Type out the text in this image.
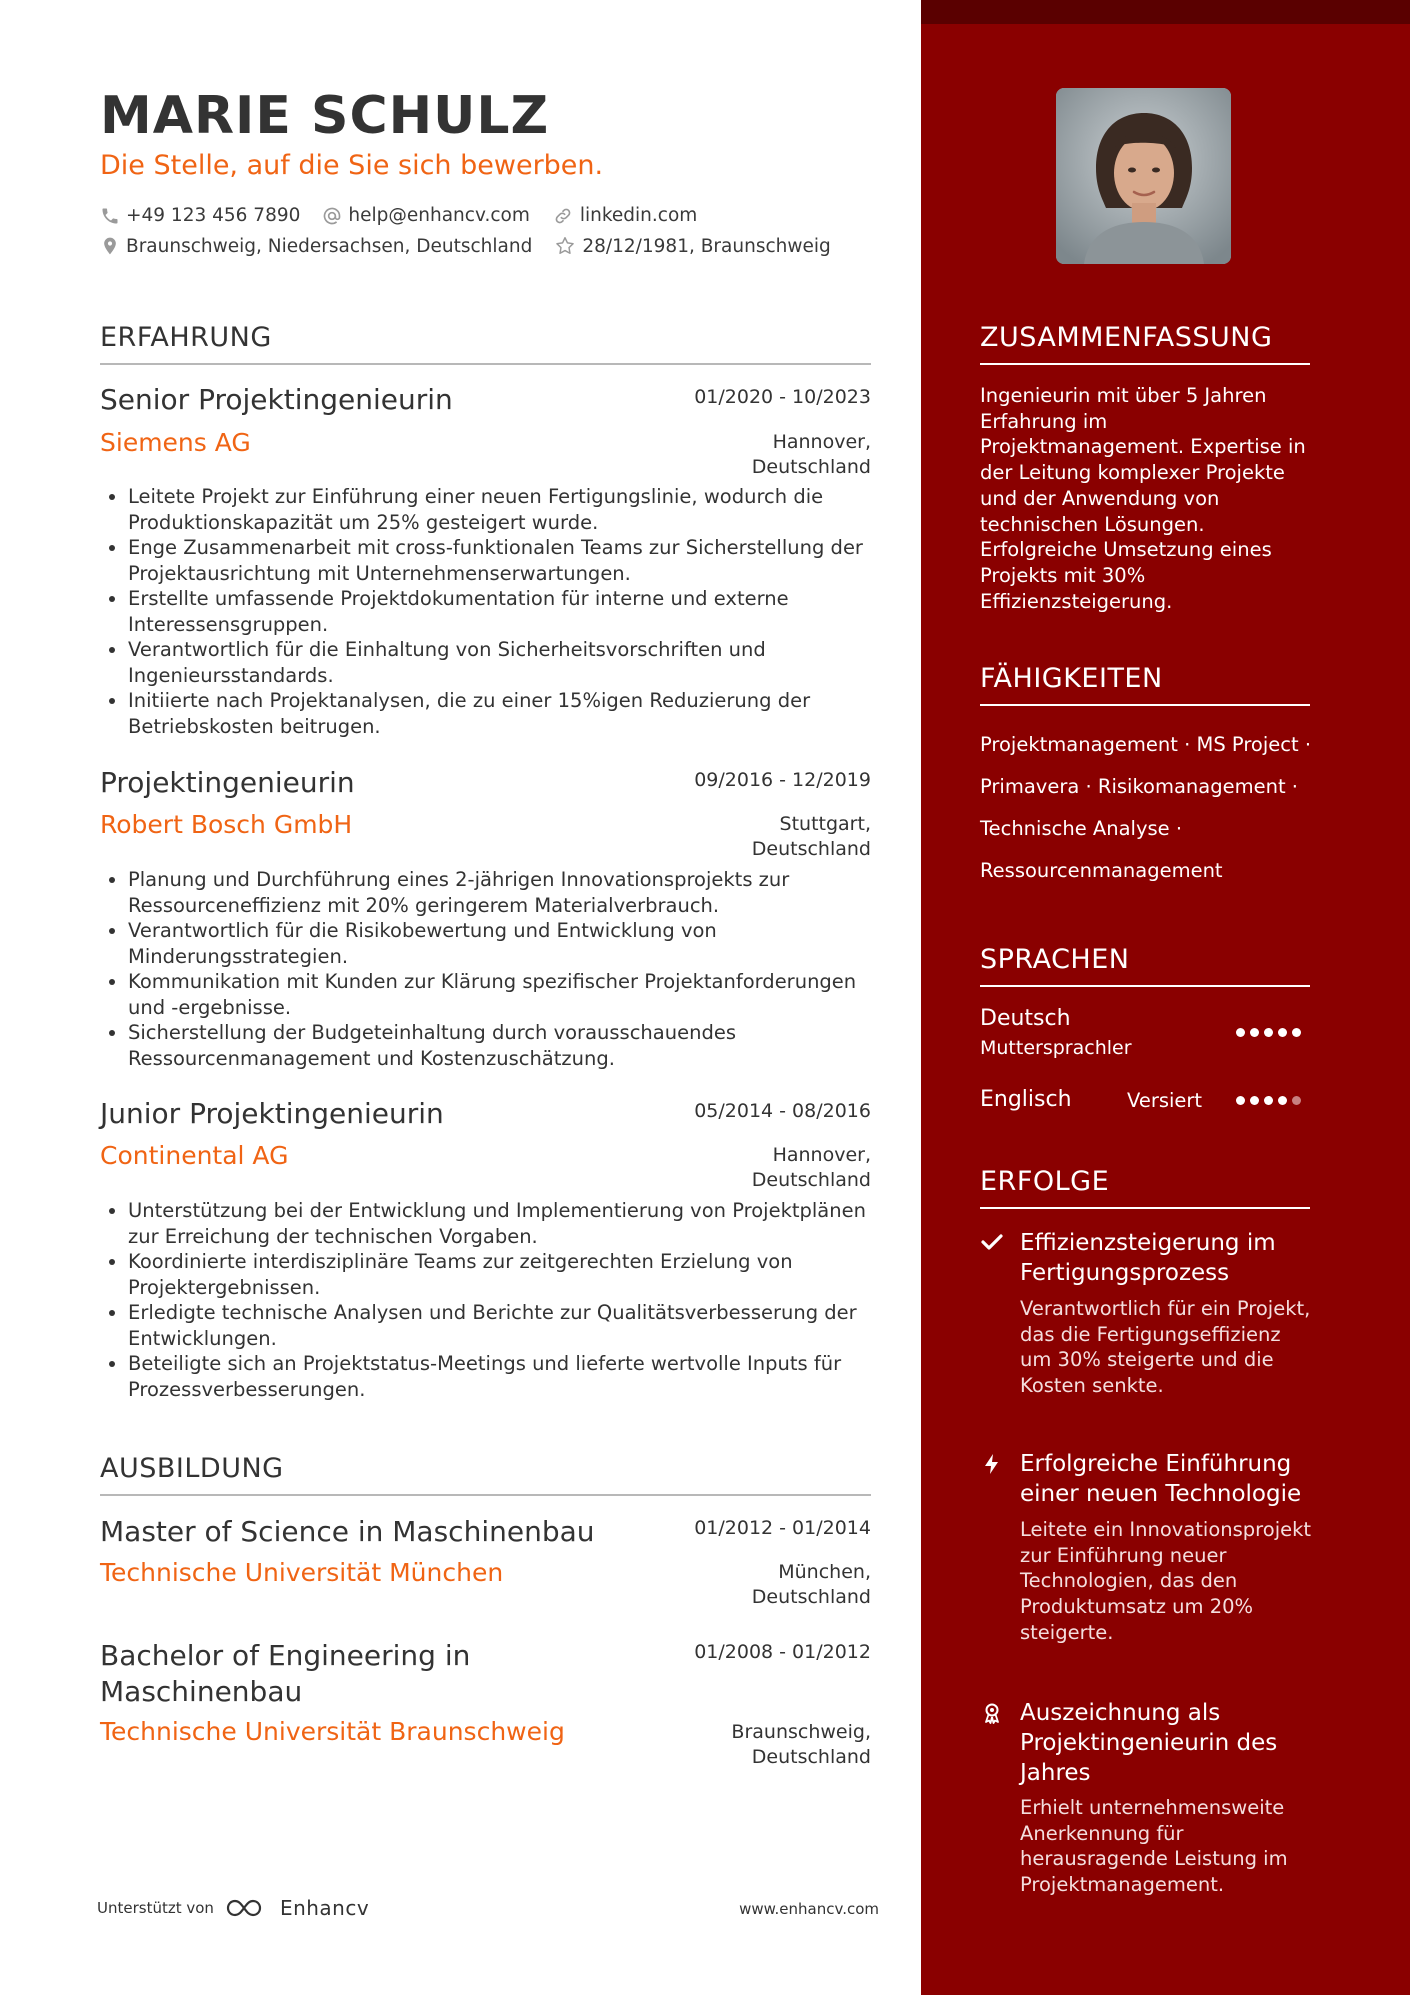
MARIE SCHULZ
Die Stelle, auf die Sie sich bewerben.
+49 123 456 7890	help@enhancv.com	linkedin.com
Braunschweig, Niedersachsen, Deutschland	28/12/1981, Braunschweig
ERFAHRUNG
Senior Projektingenieurin	01/2020 - 10/2023
Siemens AG	Hannover,
Deutschland
• Leitete Projekt zur Einführung einer neuen Fertigungslinie, wodurch die Produktionskapazität um 25% gesteigert wurde.
• Enge Zusammenarbeit mit cross-funktionalen Teams zur Sicherstellung der Projektausrichtung mit Unternehmenserwartungen.
• Erstellte umfassende Projektdokumentation für interne und externe Interessensgruppen.
• Verantwortlich für die Einhaltung von Sicherheitsvorschriften und Ingenieursstandards.
• Initiierte nach Projektanalysen, die zu einer 15%igen Reduzierung der Betriebskosten beitrugen.
Projektingenieurin	09/2016 - 12/2019
Robert Bosch GmbH	Stuttgart,
Deutschland
• Planung und Durchführung eines 2-jährigen Innovationsprojekts zur Ressourceneffizienz mit 20% geringerem Materialverbrauch.
• Verantwortlich für die Risikobewertung und Entwicklung von Minderungsstrategien.
• Kommunikation mit Kunden zur Klärung spezifischer Projektanforderungen und -ergebnisse.
• Sicherstellung der Budgeteinhaltung durch vorausschauendes Ressourcenmanagement und Kostenzuschätzung.
Junior Projektingenieurin	05/2014 - 08/2016
Continental AG	Hannover,
Deutschland
• Unterstützung bei der Entwicklung und Implementierung von Projektplänen zur Erreichung der technischen Vorgaben.
• Koordinierte interdisziplinäre Teams zur zeitgerechten Erzielung von Projektergebnissen.
• Erledigte technische Analysen und Berichte zur Qualitätsverbesserung der Entwicklungen.
• Beteiligte sich an Projektstatus-Meetings und lieferte wertvolle Inputs für Prozessverbesserungen.
AUSBILDUNG
Master of Science in Maschinenbau	01/2012 - 01/2014
Technische Universität München	München,
Deutschland
Bachelor of Engineering in
Maschinenbau
01/2008 - 01/2012
Technische Universität Braunschweig	Braunschweig,
Deutschland
Unterstützt von	Enhancv	www.enhancv.com
ZUSAMMENFASSUNG
Ingenieurin mit über 5 Jahren Erfahrung im Projektmanagement. Expertise in der Leitung komplexer Projekte und der Anwendung von technischen Lösungen. Erfolgreiche Umsetzung eines Projekts mit 30% Effizienzsteigerung.
FÄHIGKEITEN
Projektmanagement · MS Project ·
Primavera · Risikomanagement ·
Technische Analyse ·
Ressourcenmanagement
SPRACHEN
Deutsch
Muttersprachler
Englisch	Versiert
ERFOLGE
Effizienzsteigerung im Fertigungsprozess
Verantwortlich für ein Projekt, das die Fertigungseffizienz um 30% steigerte und die Kosten senkte.
Erfolgreiche Einführung einer neuen Technologie
Leitete ein Innovationsprojekt zur Einführung neuer Technologien, das den Produktumsatz um 20% steigerte.
Auszeichnung als Projektingenieurin des Jahres
Erhielt unternehmensweite Anerkennung für herausragende Leistung im Projektmanagement.
